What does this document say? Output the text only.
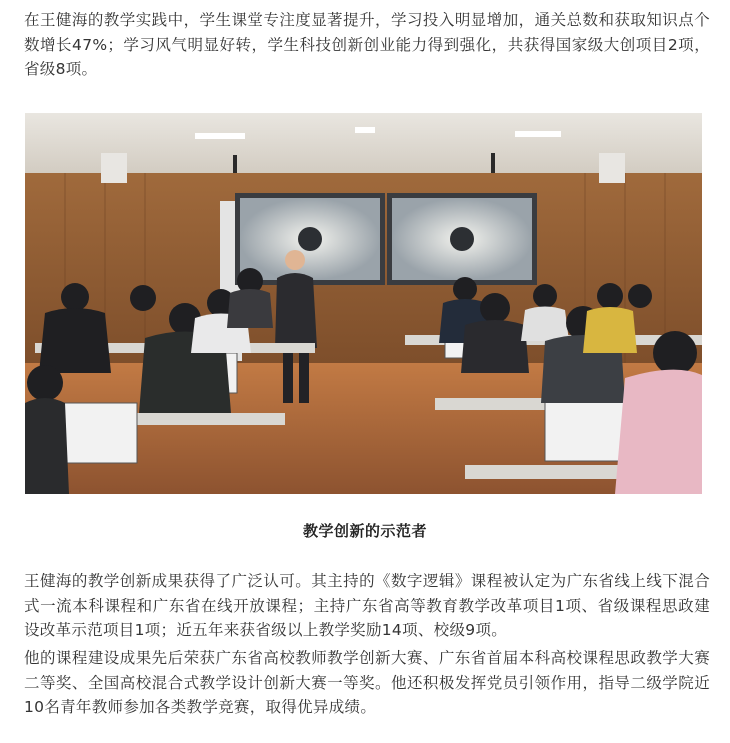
在王健海的教学实践中，学生课堂专注度显著提升，学习投入明显增加，通关总数和获取知识点个数增长47%；学习风气明显好转，学生科技创新创业能力得到强化，共获得国家级大创项目2项，省级8项。

教学创新的示范者

王健海的教学创新成果获得了广泛认可。其主持的《数字逻辑》课程被认定为广东省线上线下混合式一流本科课程和广东省在线开放课程；主持广东省高等教育教学改革项目1项、省级课程思政建设改革示范项目1项；近五年来获省级以上教学奖励14项、校级9项。

他的课程建设成果先后荣获广东省高校教师教学创新大赛、广东省首届本科高校课程思政教学大赛二等奖、全国高校混合式教学设计创新大赛一等奖。他还积极发挥党员引领作用，指导二级学院近10名青年教师参加各类教学竞赛，取得优异成绩。
